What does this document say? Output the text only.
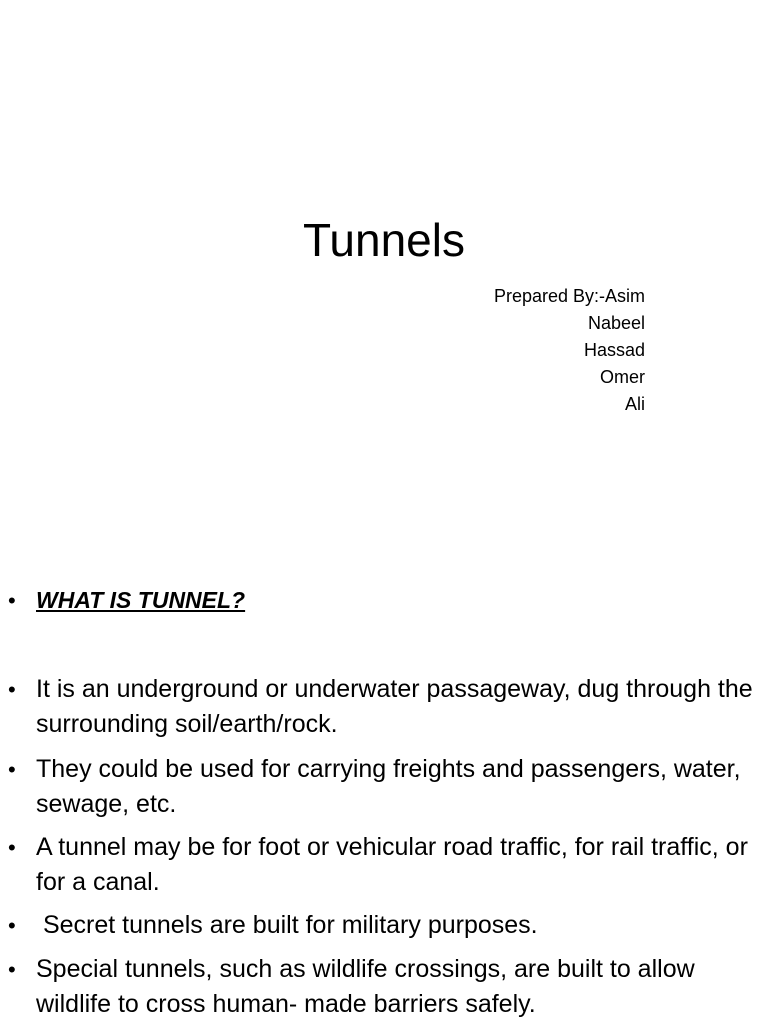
Tunnels
Prepared By:-Asim
Nabeel
Hassad
Omer
Ali
• WHAT IS TUNNEL?
• It is an underground or underwater passageway, dug through the surrounding soil/earth/rock.
• They could be used for carrying freights and passengers, water, sewage, etc.
• A tunnel may be for foot or vehicular road traffic, for rail traffic, or for a canal.
• Secret tunnels are built for military purposes.
• Special tunnels, such as wildlife crossings, are built to allow wildlife to cross human- made barriers safely.
